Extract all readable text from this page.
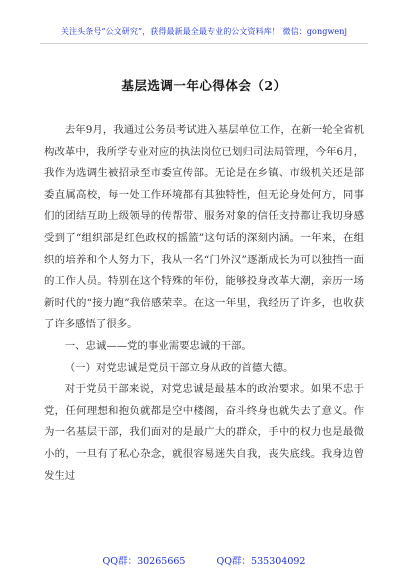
关注头条号“公文研究”，获得最新最全最专业的公文资料库！ 微信：gongwenj
基层选调一年心得体会（2）

去年9月，我通过公务员考试进入基层单位工作，在新一轮全省机构改革中，我所学专业对应的执法岗位已划归司法局管理，今年6月，我作为选调生被招录至市委宣传部。无论是在乡镇、市级机关还是部委直属高校，每一处工作环境都有其独特性，但无论身处何方，同事们的团结互助上级领导的传帮带、服务对象的信任支持都让我切身感受到了“组织部是红色政权的摇篮”这句话的深刻内涵。一年来，在组织的培养和个人努力下，我从一名“门外汉”逐渐成长为可以独挡一面的工作人员。特别在这个特殊的年份，能够投身改革大潮，亲历一场新时代的“接力跑”我倍感荣幸。在这一年里，我经历了许多，也收获了许多感悟了很多。

一、忠诚——党的事业需要忠诚的干部。

（一）对党忠诚是党员干部立身从政的首德大德。

对于党员干部来说，对党忠诚是最基本的政治要求。如果不忠于党，任何理想和抱负就都是空中楼阁，奋斗终身也就失去了意义。作为一名基层干部，我们面对的是最广大的群众，手中的权力也是最微小的，一旦有了私心杂念，就很容易迷失自我，丧失底线。我身边曾发生过

QQ群：30265665	QQ群：535304092
